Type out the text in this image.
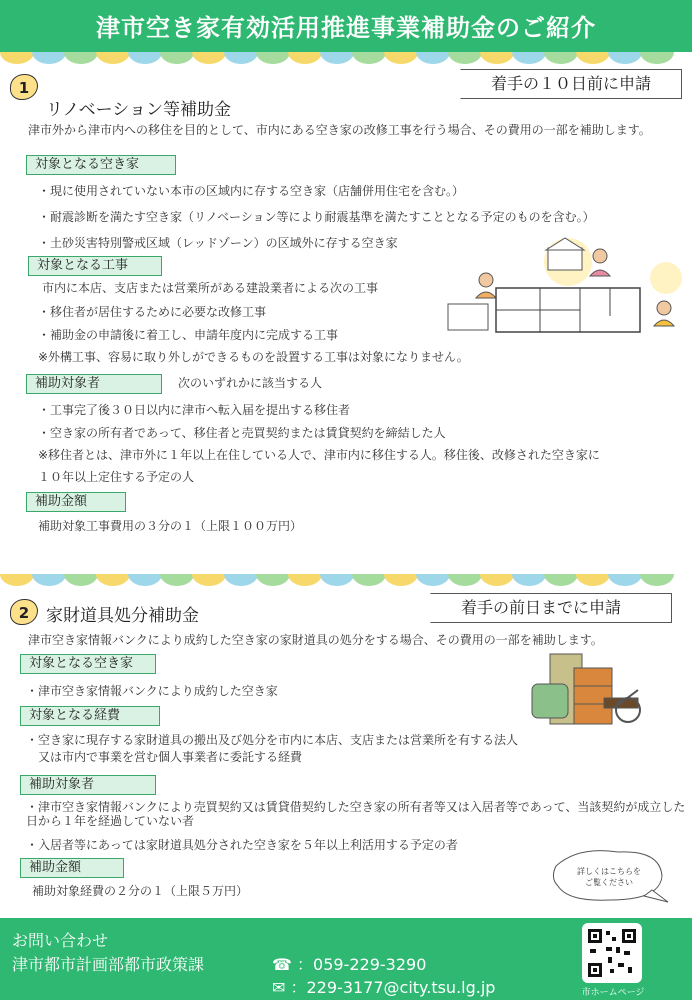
津市空き家有効活用推進事業補助金のご紹介
着手の１０日前に申請
1
リノベーション等補助金
津市外から津市内への移住を目的として、市内にある空き家の改修工事を行う場合、その費用の一部を補助します。
対象となる空き家
・現に使用されていない本市の区域内に存する空き家（店舗併用住宅を含む。）
・耐震診断を満たす空き家（リノベーション等により耐震基準を満たすこととなる予定のものを含む。）
・土砂災害特別警戒区域（レッドゾーン）の区域外に存する空き家
対象となる工事
市内に本店、支店または営業所がある建設業者による次の工事
・移住者が居住するために必要な改修工事
・補助金の申請後に着工し、申請年度内に完成する工事
※外構工事、容易に取り外しができるものを設置する工事は対象になりません。
補助対象者	次のいずれかに該当する人
・工事完了後３０日以内に津市へ転入届を提出する移住者
・空き家の所有者であって、移住者と売買契約または賃貸契約を締結した人
※移住者とは、津市外に１年以上在住している人で、津市内に移住する人。移住後、改修された空き家に
１０年以上定住する予定の人
補助金額
補助対象工事費用の３分の１（上限１００万円）
着手の前日までに申請
2 家財道具処分補助金
津市空き家情報バンクにより成約した空き家の家財道具の処分をする場合、その費用の一部を補助します。
対象となる空き家
・津市空き家情報バンクにより成約した空き家
対象となる経費
・空き家に現存する家財道具の搬出及び処分を市内に本店、支店または営業所を有する法人
又は市内で事業を営む個人事業者に委託する経費
補助対象者
・津市空き家情報バンクにより売買契約又は賃貸借契約した空き家の所有者等又は入居者等であって、当該契約が成立した日から１年を経過していない者
・入居者等にあっては家財道具処分された空き家を５年以上利活用する予定の者
補助金額
補助対象経費の２分の１（上限５万円）
詳しくはこちらを
ご覧ください
お問い合わせ
津市都市計画部都市政策課	☎ ：059-229-3290
✉ ：229-3177@city.tsu.lg.jp	市ホームページ
